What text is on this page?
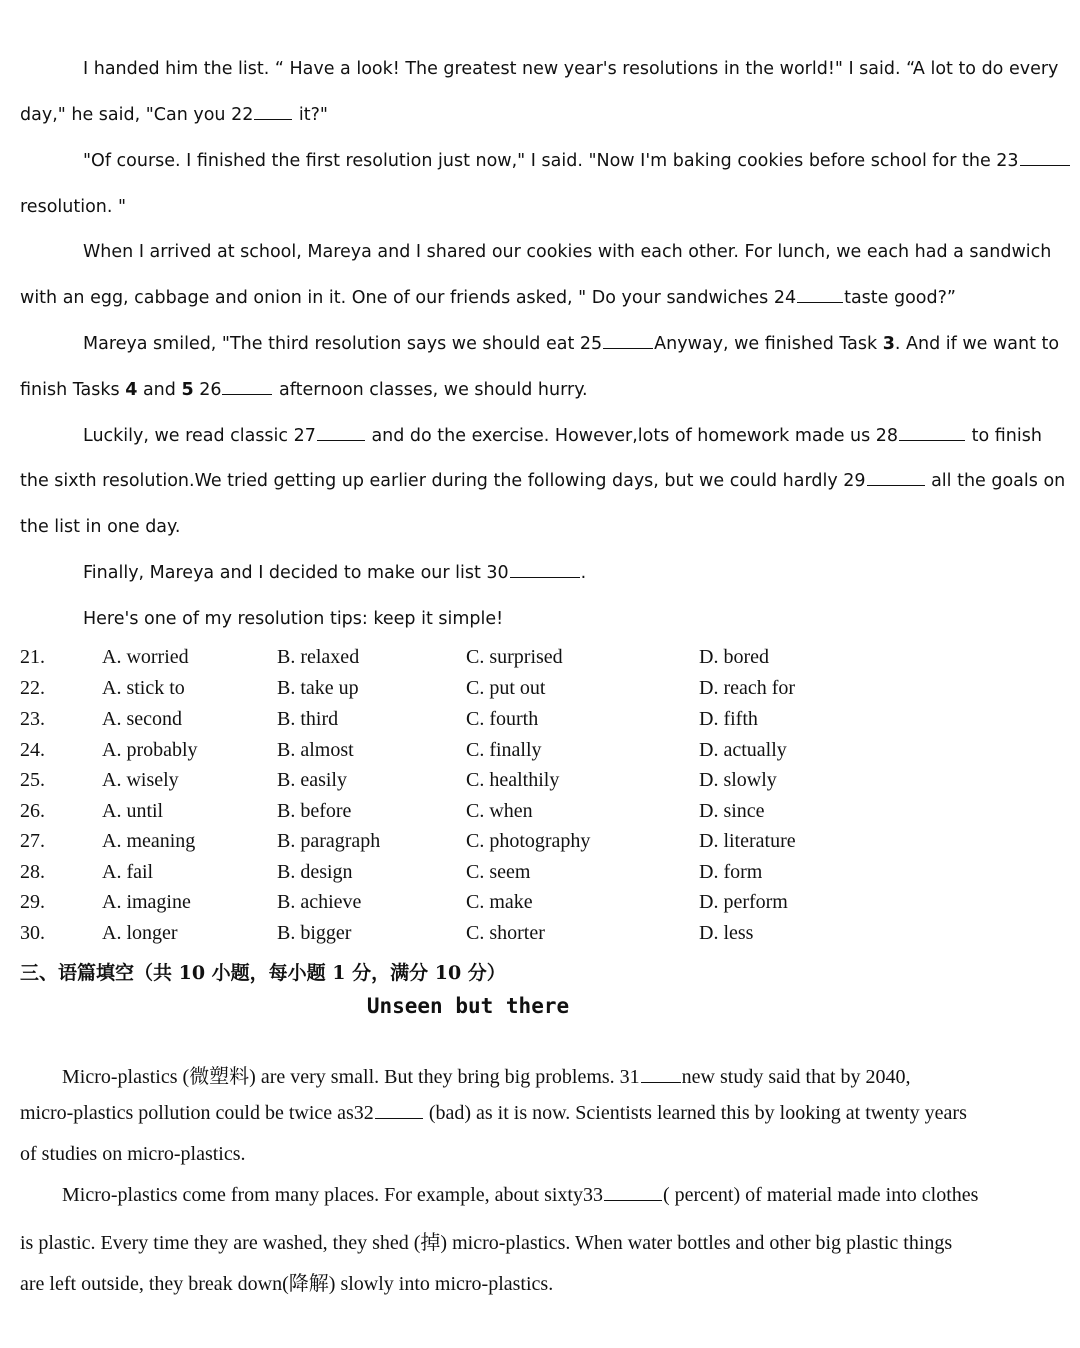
I handed him the list. “ Have a look! The greatest new year's resolutions in the world!" I said. “A lot to do every
day," he said, "Can you 22 it?"
"Of course. I finished the first resolution just now," I said. "Now I'm baking cookies before school for the 23
resolution. "
When I arrived at school, Mareya and I shared our cookies with each other. For lunch, we each had a sandwich
with an egg, cabbage and onion in it. One of our friends asked, " Do your sandwiches 24	taste good?”
Mareya smiled, "The third resolution says we should eat 25	Anyway, we finished Task 3. And if we want to
finish Tasks 4 and 5 26	afternoon classes, we should hurry.
Luckily, we read classic 27	and do the exercise. However,lots of homework made us 28	to finish
the sixth resolution.We tried getting up earlier during the following days, but we could hardly 29	all the goals on
the list in one day.
Finally, Mareya and I decided to make our list 30	.
Here's one of my resolution tips: keep it simple!
21.	A. worried	B. relaxed	C. surprised	D. bored
22.	A. stick to	B. take up	C. put out	D. reach for
23.	A. second	B. third	C. fourth	D. fifth
24.	A. probably	B. almost	C. finally	D. actually
25.	A. wisely	B. easily	C. healthily	D. slowly
26.	A. until	B. before	C. when	D. since
27.	A. meaning	B. paragraph	C. photography	D. literature
28.	A. fail	B. design	C. seem	D. form
29.	A. imagine	B. achieve	C. make	D. perform
30.	A. longer	B. bigger	C. shorter	D. less
三、语篇填空（共 10 小题，每小题 1 分，满分 10 分）
Unseen but there
Micro-plastics (微塑料) are very small. But they bring big problems. 31 new study said that by 2040,
micro-plastics pollution could be twice as32	(bad) as it is now. Scientists learned this by looking at twenty years
of studies on micro-plastics.
Micro-plastics come from many places. For example, about sixty33	( percent) of material made into clothes
is plastic. Every time they are washed, they shed (掉) micro-plastics. When water bottles and other big plastic things
are left outside, they break down(降解) slowly into micro-plastics.
